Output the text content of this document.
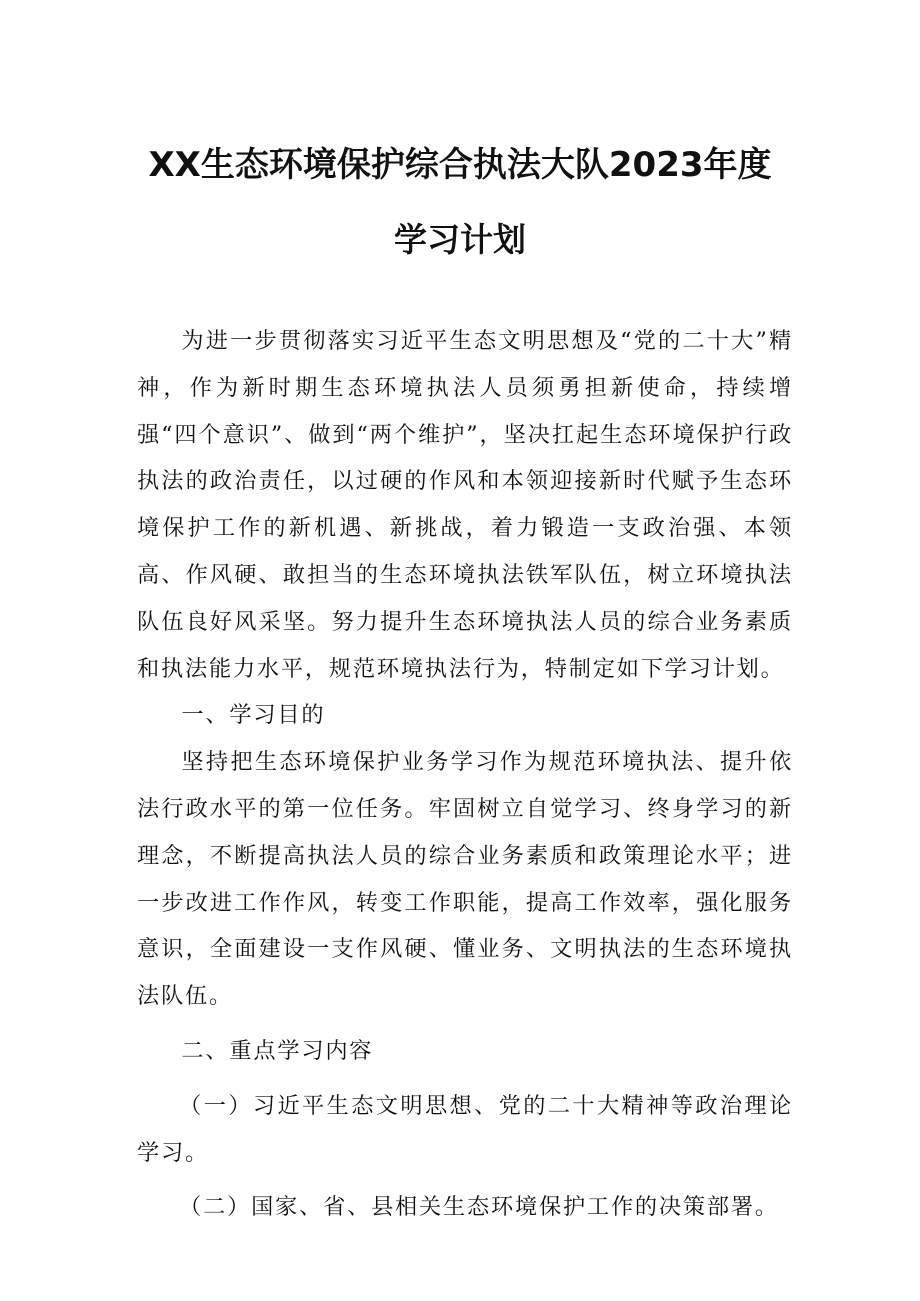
XX生态环境保护综合执法大队2023年度
学习计划

为进一步贯彻落实习近平生态文明思想及“党的二十大”精神，作为新时期生态环境执法人员须勇担新使命，持续增强“四个意识”、做到“两个维护”，坚决扛起生态环境保护行政执法的政治责任，以过硬的作风和本领迎接新时代赋予生态环境保护工作的新机遇、新挑战，着力锻造一支政治强、本领高、作风硬、敢担当的生态环境执法铁军队伍，树立环境执法队伍良好风采坚。努力提升生态环境执法人员的综合业务素质和执法能力水平，规范环境执法行为，特制定如下学习计划。

一、学习目的

坚持把生态环境保护业务学习作为规范环境执法、提升依法行政水平的第一位任务。牢固树立自觉学习、终身学习的新理念，不断提高执法人员的综合业务素质和政策理论水平；进一步改进工作作风，转变工作职能，提高工作效率，强化服务意识，全面建设一支作风硬、懂业务、文明执法的生态环境执法队伍。

二、重点学习内容

（一）习近平生态文明思想、党的二十大精神等政治理论学习。

（二）国家、省、县相关生态环境保护工作的决策部署。
